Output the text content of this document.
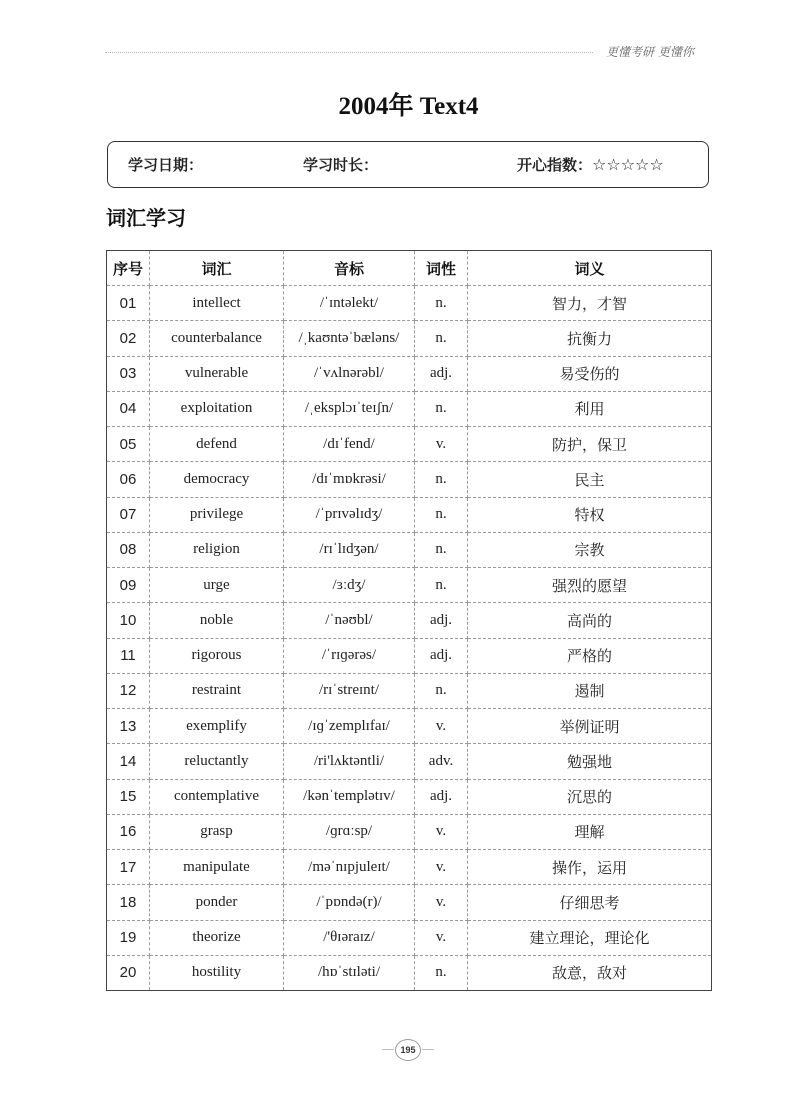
更懂考研 更懂你
2004年 Text4
学习日期：	学习时长：	开心指数：☆☆☆☆☆
词汇学习
序号	词汇	音标	词性	词义
01	intellect	/ˈɪntəlekt/	n.	智力，才智
02	counterbalance	/ˌkaʊntəˈbæləns/	n.	抗衡力
03	vulnerable	/ˈvʌlnərəbl/	adj.	易受伤的
04	exploitation	/ˌeksplɔɪˈteɪʃn/	n.	利用
05	defend	/dɪˈfend/	v.	防护，保卫
06	democracy	/dɪˈmɒkrəsi/	n.	民主
07	privilege	/ˈprɪvəlɪdʒ/	n.	特权
08	religion	/rɪˈlɪdʒən/	n.	宗教
09	urge	/ɜːdʒ/	n.	强烈的愿望
10	noble	/ˈnəʊbl/	adj.	高尚的
11	rigorous	/ˈrɪɡərəs/	adj.	严格的
12	restraint	/rɪˈstreɪnt/	n.	遏制
13	exemplify	/ɪɡˈzemplɪfaɪ/	v.	举例证明
14	reluctantly	/ri'lʌktəntli/	adv.	勉强地
15	contemplative	/kənˈtemplətɪv/	adj.	沉思的
16	grasp	/ɡrɑːsp/	v.	理解
17	manipulate	/məˈnɪpjuleɪt/	v.	操作，运用
18	ponder	/ˈpɒndə(r)/	v.	仔细思考
19	theorize	/'θɪəraɪz/	v.	建立理论，理论化
20	hostility	/hɒˈstɪləti/	n.	敌意，敌对
195
